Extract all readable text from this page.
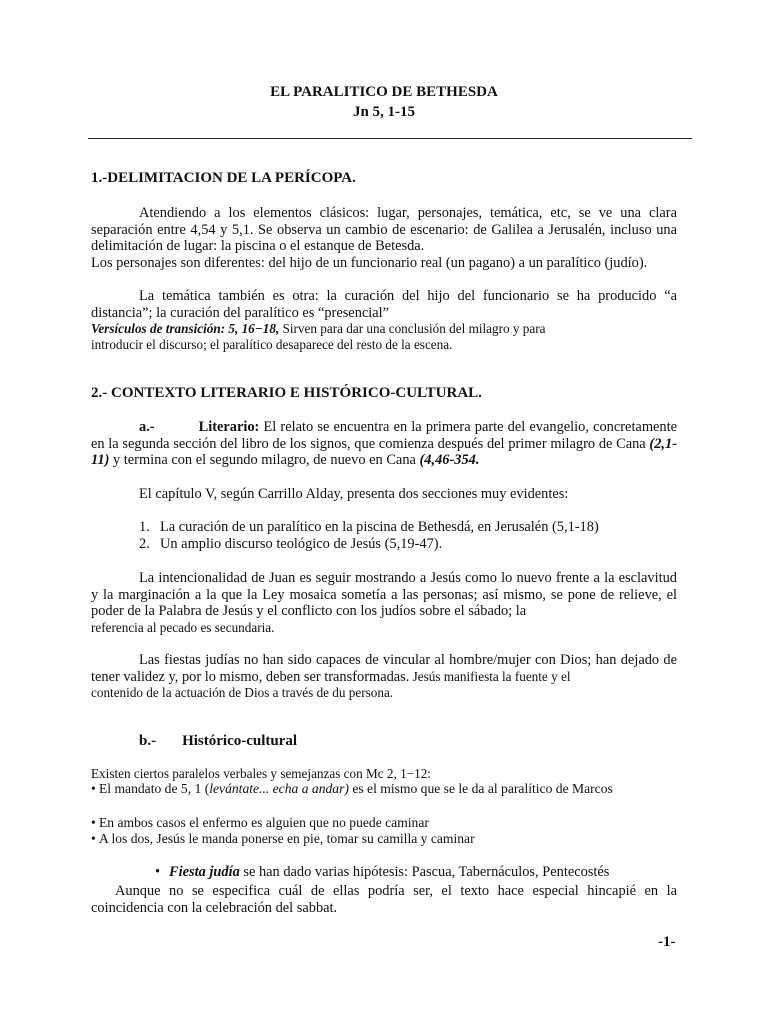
EL PARALITICO DE BETHESDA
Jn 5, 1-15
1.-DELIMITACION DE LA PERÍCOPA.

Atendiendo a los elementos clásicos: lugar, personajes, temática, etc, se ve una clara separación entre 4,54 y 5,1. Se observa un cambio de escenario: de Galilea a Jerusalén, incluso una delimitación de lugar: la piscina o el estanque de Betesda.

Los personajes son diferentes: del hijo de un funcionario real (un pagano) a un paralítico (judío).

La temática también es otra: la curación del hijo del funcionario se ha producido “a distancia”; la curación del paralítico es “presencial”

Versículos de transición: 5, 16−18, Sirven para dar una conclusión del milagro y para

introducir el discurso; el paralítico desaparece del resto de la escena.

2.- CONTEXTO LITERARIO E HISTÓRICO-CULTURAL.

a.-	Literario: El relato se encuentra en la primera parte del evangelio, concretamente en la segunda sección del libro de los signos, que comienza después del primer milagro de Cana (2,1-11) y termina con el segundo milagro, de nuevo en Cana (4,46-354.

El capítulo V, según Carrillo Alday, presenta dos secciones muy evidentes:

1. La curación de un paralítico en la piscina de Bethesdá, en Jerusalén (5,1-18)
2. Un amplio discurso teológico de Jesús (5,19-47).

La intencionalidad de Juan es seguir mostrando a Jesús como lo nuevo frente a la esclavitud y la marginación a la que la Ley mosaica sometía a las personas; así mismo, se pone de relieve, el poder de la Palabra de Jesús y el conflicto con los judíos sobre el sábado; la

referencia al pecado es secundaria.

Las fiestas judías no han sido capaces de vincular al hombre/mujer con Dios; han dejado de tener validez y, por lo mismo, deben ser transformadas. Jesús manifiesta la fuente y el

contenido de la actuación de Dios a través de du persona.

b.- Histórico-cultural

Existen ciertos paralelos verbales y semejanzas con Mc 2, 1−12:

• El mandato de 5, 1 (levántate... echa a andar) es el mismo que se le da al paralítico de Marcos
• En ambos casos el enfermo es alguien que no puede caminar
• A los dos, Jesús le manda ponerse en pie, tomar su camilla y caminar
• Fiesta judía se han dado varias hipótesis: Pascua, Tabernáculos, Pentecostés

Aunque no se especifica cuál de ellas podría ser, el texto hace especial hincapié en la coincidencia con la celebración del sabbat.

-1-
